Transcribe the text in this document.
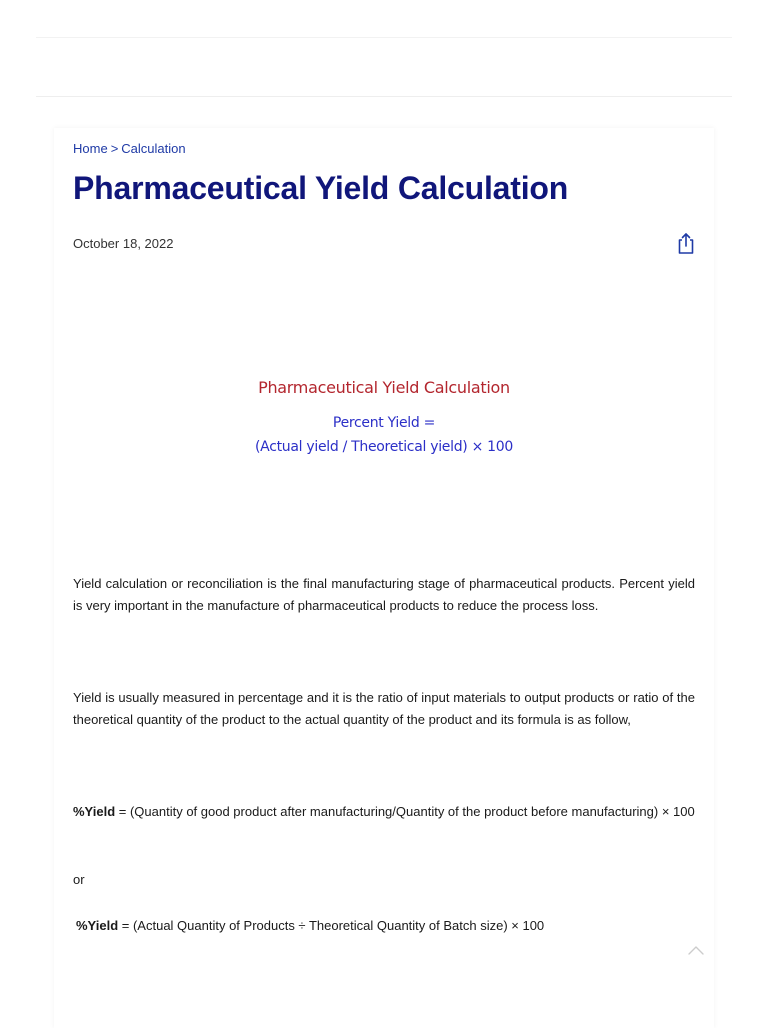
Home > Calculation
Pharmaceutical Yield Calculation
October 18, 2022
Pharmaceutical Yield Calculation
Percent Yield =
(Actual yield / Theoretical yield) × 100

Yield calculation or reconciliation is the final manufacturing stage of pharmaceutical products. Percent yield is very important in the manufacture of pharmaceutical products to reduce the process loss.

Yield is usually measured in percentage and it is the ratio of input materials to output products or ratio of the theoretical quantity of the product to the actual quantity of the product and its formula is as follow,

%Yield = (Quantity of good product after manufacturing/Quantity of the product before manufacturing) × 100

or

%Yield = (Actual Quantity of Products ÷ Theoretical Quantity of Batch size) × 100
